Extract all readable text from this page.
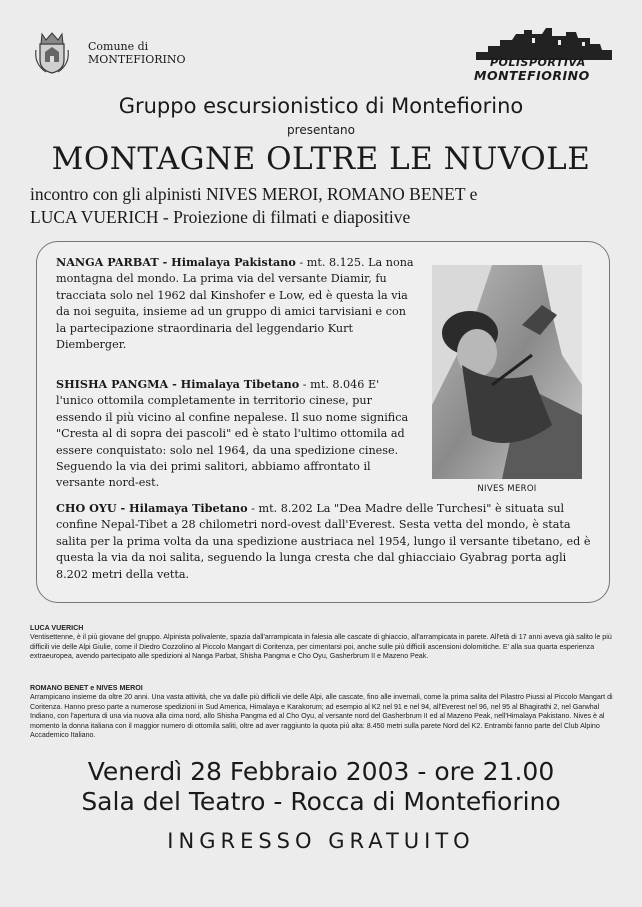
Comune di
MONTEFIORINO	POLISPORTIVA
MONTEFIORINO
Gruppo escursionistico di Montefiorino
presentano
MONTAGNE OLTRE LE NUVOLE
incontro con gli alpinisti NIVES MEROI, ROMANO BENET e
LUCA VUERICH - Proiezione di filmati e diapositive
NANGA PARBAT - Himalaya Pakistano - mt. 8.125. La nona montagna del mondo. La prima via del versante Diamir, fu tracciata solo nel 1962 dal Kinshofer e Low, ed è questa la via da noi seguita, insieme ad un gruppo di amici tarvisiani e con la partecipazione straordinaria del leggendario Kurt Diemberger.
SHISHA PANGMA - Himalaya Tibetano - mt. 8.046 E' l'unico ottomila completamente in territorio cinese, pur essendo il più vicino al confine nepalese. Il suo nome significa "Cresta al di sopra dei pascoli" ed è stato l'ultimo ottomila ad essere conquistato: solo nel 1964, da una spedizione cinese. Seguendo la via dei primi salitori, abbiamo affrontato il versante nord-est.
CHO OYU - Hilamaya Tibetano - mt. 8.202 La "Dea Madre delle Turchesi" è situata sul confine Nepal-Tibet a 28 chilometri nord-ovest dall'Everest. Sesta vetta del mondo, è stata salita per la prima volta da una spedizione austriaca nel 1954, lungo il versante tibetano, ed è questa la via da noi salita, seguendo la lunga cresta che dal ghiacciaio Gyabrag porta agli 8.202 metri della vetta.
NIVES MEROI
LUCA VUERICH
Ventisettenne, è il più giovane del gruppo. Alpinista polivalente, spazia dall'arrampicata in falesia alle cascate di ghiaccio, all'arrampicata in parete. All'età di 17 anni aveva già salito le più difficili vie delle Alpi Giulie, come il Diedro Cozzolino al Piccolo Mangart di Coritenza, per cimentarsi poi, anche sulle più difficili ascensioni dolomitiche. E' alla sua quarta esperienza extraeuropea, avendo partecipato alle spedizioni al Nanga Parbat, Shisha Pangma e Cho Oyu, Gasherbrum II e Mazeno Peak.
ROMANO BENET e NIVES MEROI
Arrampicano insieme da oltre 20 anni. Una vasta attività, che va dalle più difficili vie delle Alpi, alle cascate, fino alle invernali, come la prima salita del Pilastro Piussi al Piccolo Mangart di Coritenza. Hanno preso parte a numerose spedizioni in Sud America, Himalaya e Karakorum; ad esempio al K2 nel 91 e nel 94, all'Everest nel 96, nel 95 al Bhagirathi 2, nel Garwhal Indiano, con l'apertura di una via nuova alla cima nord, allo Shisha Pangma ed al Cho Oyu, al versante nord del Gasherbrum II ed al Mazeno Peak, nell'Himalaya Pakistano. Nives è al momento la donna italiana con il maggior numero di ottomila saliti, oltre ad aver raggiunto la quota più alta: 8.450 metri sulla parete Nord del K2. Entrambi fanno parte del Club Alpino Accademico Italiano.
Venerdì 28 Febbraio 2003 - ore 21.00
Sala del Teatro - Rocca di Montefiorino
INGRESSO GRATUITO
